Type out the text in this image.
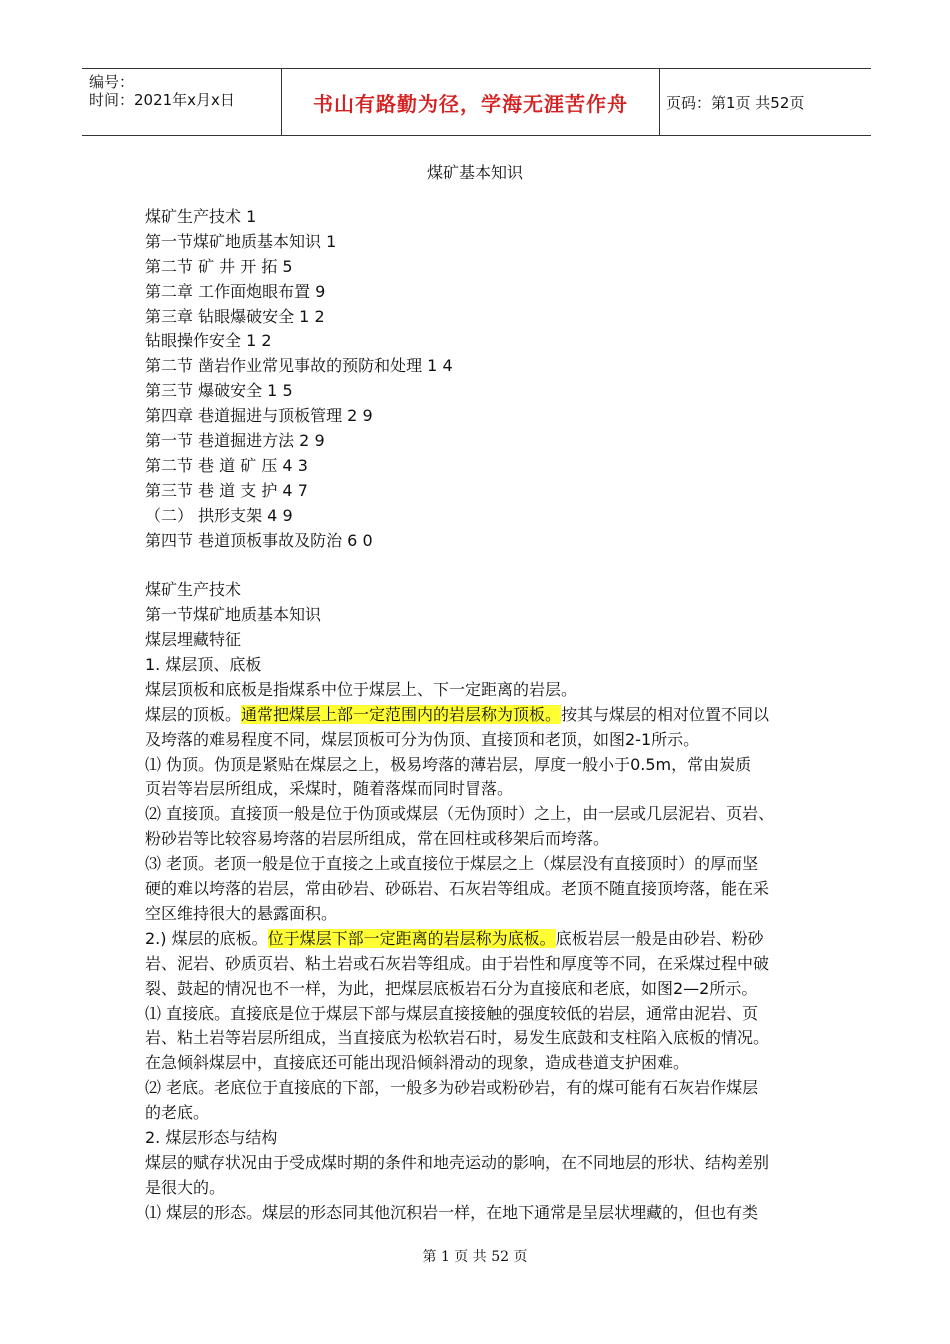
编号：
时间：2021年x月x日	书山有路勤为径，学海无涯苦作舟	页码：第1页 共52页
煤矿基本知识
煤矿生产技术 1
第一节煤矿地质基本知识 1
第二节 矿 井 开 拓 5
第二章 工作面炮眼布置 9
第三章 钻眼爆破安全 1 2
钻眼操作安全 1 2
第二节 凿岩作业常见事故的预防和处理 1 4
第三节 爆破安全 1 5
第四章 巷道掘进与顶板管理 2 9
第一节 巷道掘进方法 2 9
第二节 巷 道 矿 压 4 3
第三节 巷 道 支 护 4 7
（二） 拱形支架 4 9
第四节 巷道顶板事故及防治 6 0
煤矿生产技术
第一节煤矿地质基本知识
煤层埋藏特征
1. 煤层顶、底板
煤层顶板和底板是指煤系中位于煤层上、下一定距离的岩层。
煤层的顶板。通常把煤层上部一定范围内的岩层称为顶板。按其与煤层的相对位置不同以
及垮落的难易程度不同，煤层顶板可分为伪顶、直接顶和老顶，如图2-1所示。
⑴ 伪顶。伪顶是紧贴在煤层之上，极易垮落的薄岩层，厚度一般小于0.5m，常由炭质
页岩等岩层所组成，采煤时，随着落煤而同时冒落。
⑵ 直接顶。直接顶一般是位于伪顶或煤层（无伪顶时）之上，由一层或几层泥岩、页岩、
粉砂岩等比较容易垮落的岩层所组成，常在回柱或移架后而垮落。
⑶ 老顶。老顶一般是位于直接之上或直接位于煤层之上（煤层没有直接顶时）的厚而坚
硬的难以垮落的岩层，常由砂岩、砂砾岩、石灰岩等组成。老顶不随直接顶垮落，能在采
空区维持很大的悬露面积。
2.) 煤层的底板。位于煤层下部一定距离的岩层称为底板。底板岩层一般是由砂岩、粉砂
岩、泥岩、砂质页岩、粘土岩或石灰岩等组成。由于岩性和厚度等不同，在采煤过程中破
裂、鼓起的情况也不一样，为此，把煤层底板岩石分为直接底和老底，如图2—2所示。
⑴ 直接底。直接底是位于煤层下部与煤层直接接触的强度较低的岩层，通常由泥岩、页
岩、粘土岩等岩层所组成，当直接底为松软岩石时，易发生底鼓和支柱陷入底板的情况。
在急倾斜煤层中，直接底还可能出现沿倾斜滑动的现象，造成巷道支护困难。
⑵ 老底。老底位于直接底的下部，一般多为砂岩或粉砂岩，有的煤可能有石灰岩作煤层
的老底。
2. 煤层形态与结构
煤层的赋存状况由于受成煤时期的条件和地壳运动的影响，在不同地层的形状、结构差别
是很大的。
⑴ 煤层的形态。煤层的形态同其他沉积岩一样，在地下通常是呈层状埋藏的，但也有类
第 1 页 共 52 页
